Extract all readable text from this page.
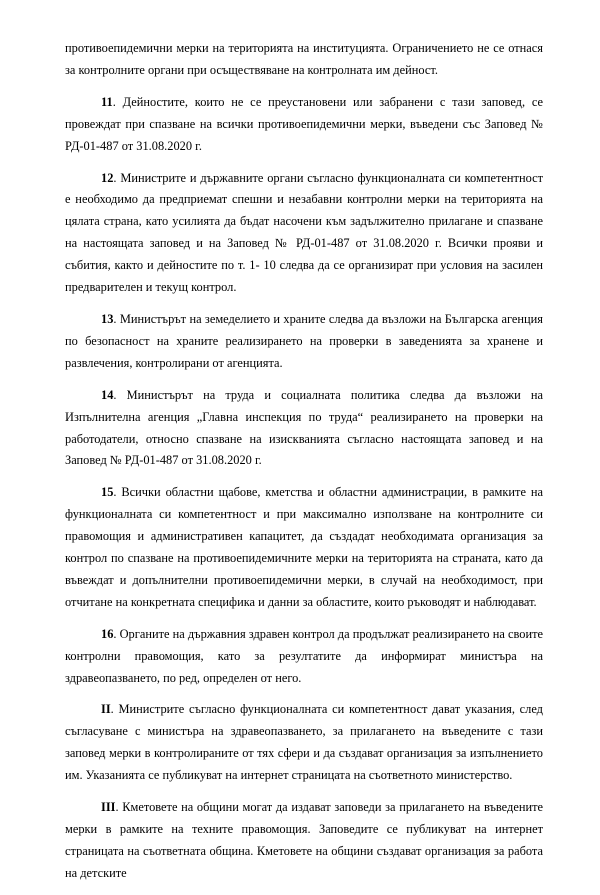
противоепидемични мерки на територията на институцията. Ограничението не се отнася за контролните органи при осъществяване на контролната им дейност.

11. Дейностите, които не се преустановени или забранени с тази заповед, се провеждат при спазване на всички противоепидемични мерки, въведени със Заповед № РД-01-487 от 31.08.2020 г.

12. Министрите и държавните органи съгласно функционалната си компетентност е необходимо да предприемат спешни и незабавни контролни мерки на територията на цялата страна, като усилията да бъдат насочени към задължително прилагане и спазване на настоящата заповед и на Заповед № РД-01-487 от 31.08.2020 г. Всички прояви и събития, както и дейностите по т. 1- 10 следва да се организират при условия на засилен предварителен и текущ контрол.

13. Министърът на земеделието и храните следва да възложи на Българска агенция по безопасност на храните реализирането на проверки в заведенията за хранене и развлечения, контролирани от агенцията.

14. Министърът на труда и социалната политика следва да възложи на Изпълнителна агенция „Главна инспекция по труда“ реализирането на проверки на работодатели, относно спазване на изискванията съгласно настоящата заповед и на Заповед № РД-01-487 от 31.08.2020 г.

15. Всички областни щабове, кметства и областни администрации, в рамките на функционалната си компетентност и при максимално използване на контролните си правомощия и административен капацитет, да създадат необходимата организация за контрол по спазване на противоепидемичните мерки на територията на страната, като да въвеждат и допълнителни противоепидемични мерки, в случай на необходимост, при отчитане на конкретната специфика и данни за областите, които ръководят и наблюдават.

16. Органите на държавния здравен контрол да продължат реализирането на своите контролни правомощия, като за резултатите да информират министъра на здравеопазването, по ред, определен от него.

II. Министрите съгласно функционалната си компетентност дават указания, след съгласуване с министъра на здравеопазването, за прилагането на въведените с тази заповед мерки в контролираните от тях сфери и да създават организация за изпълнението им. Указанията се публикуват на интернет страницата на съответното министерство.

III. Кметовете на общини могат да издават заповеди за прилагането на въведените мерки в рамките на техните правомощия. Заповедите се публикуват на интернет страницата на съответната община. Кметовете на общини създават организация за работа на детските
